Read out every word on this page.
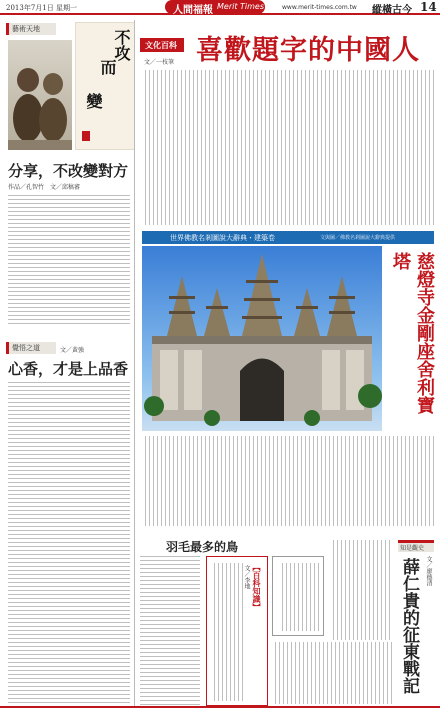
2013年7月1日 星期一	人間福報 Merit Times	www.merit-times.com.tw 縱橫古今 14
藝術天地	不攻
而
變
分享，不改變對方
作品／孔智竹　文／邱稿審
覺悟之道	文／黃強
心香，才是上品香
文化百科
文／一枝筆 喜歡題字的中國人
世界佛教名剎圖說大辭典・建築卷	文與圖／佛教名剎圖說大辭典提供
慈燈寺金剛座舍利寶塔
羽毛最多的鳥
【百科知識】
文／李地
知是觀史
文／廖德清
薛仁貴的征東戰記
